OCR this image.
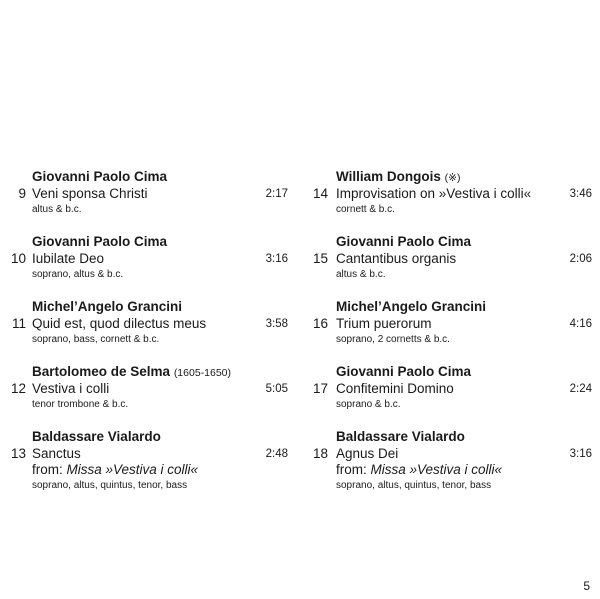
Giovanni Paolo Cima
9 Veni sponsa Christi	2:17
altus & b.c.
Giovanni Paolo Cima
10 Iubilate Deo	3:16
soprano, altus & b.c.
Michel’Angelo Grancini
11 Quid est, quod dilectus meus	3:58
soprano, bass, cornett & b.c.
Bartolomeo de Selma (1605-1650)
12 Vestiva i colli	5:05
tenor trombone & b.c.
Baldassare Vialardo
13 Sanctus	2:48
from: Missa »Vestiva i colli«
soprano, altus, quintus, tenor, bass
William Dongois (※)
14 Improvisation on »Vestiva i colli«	3:46
cornett & b.c.
Giovanni Paolo Cima
15 Cantantibus organis	2:06
altus & b.c.
Michel’Angelo Grancini
16 Trium puerorum	4:16
soprano, 2 cornetts & b.c.
Giovanni Paolo Cima
17 Confitemini Domino	2:24
soprano & b.c.
Baldassare Vialardo
18 Agnus Dei	3:16
from: Missa »Vestiva i colli«
soprano, altus, quintus, tenor, bass
5
